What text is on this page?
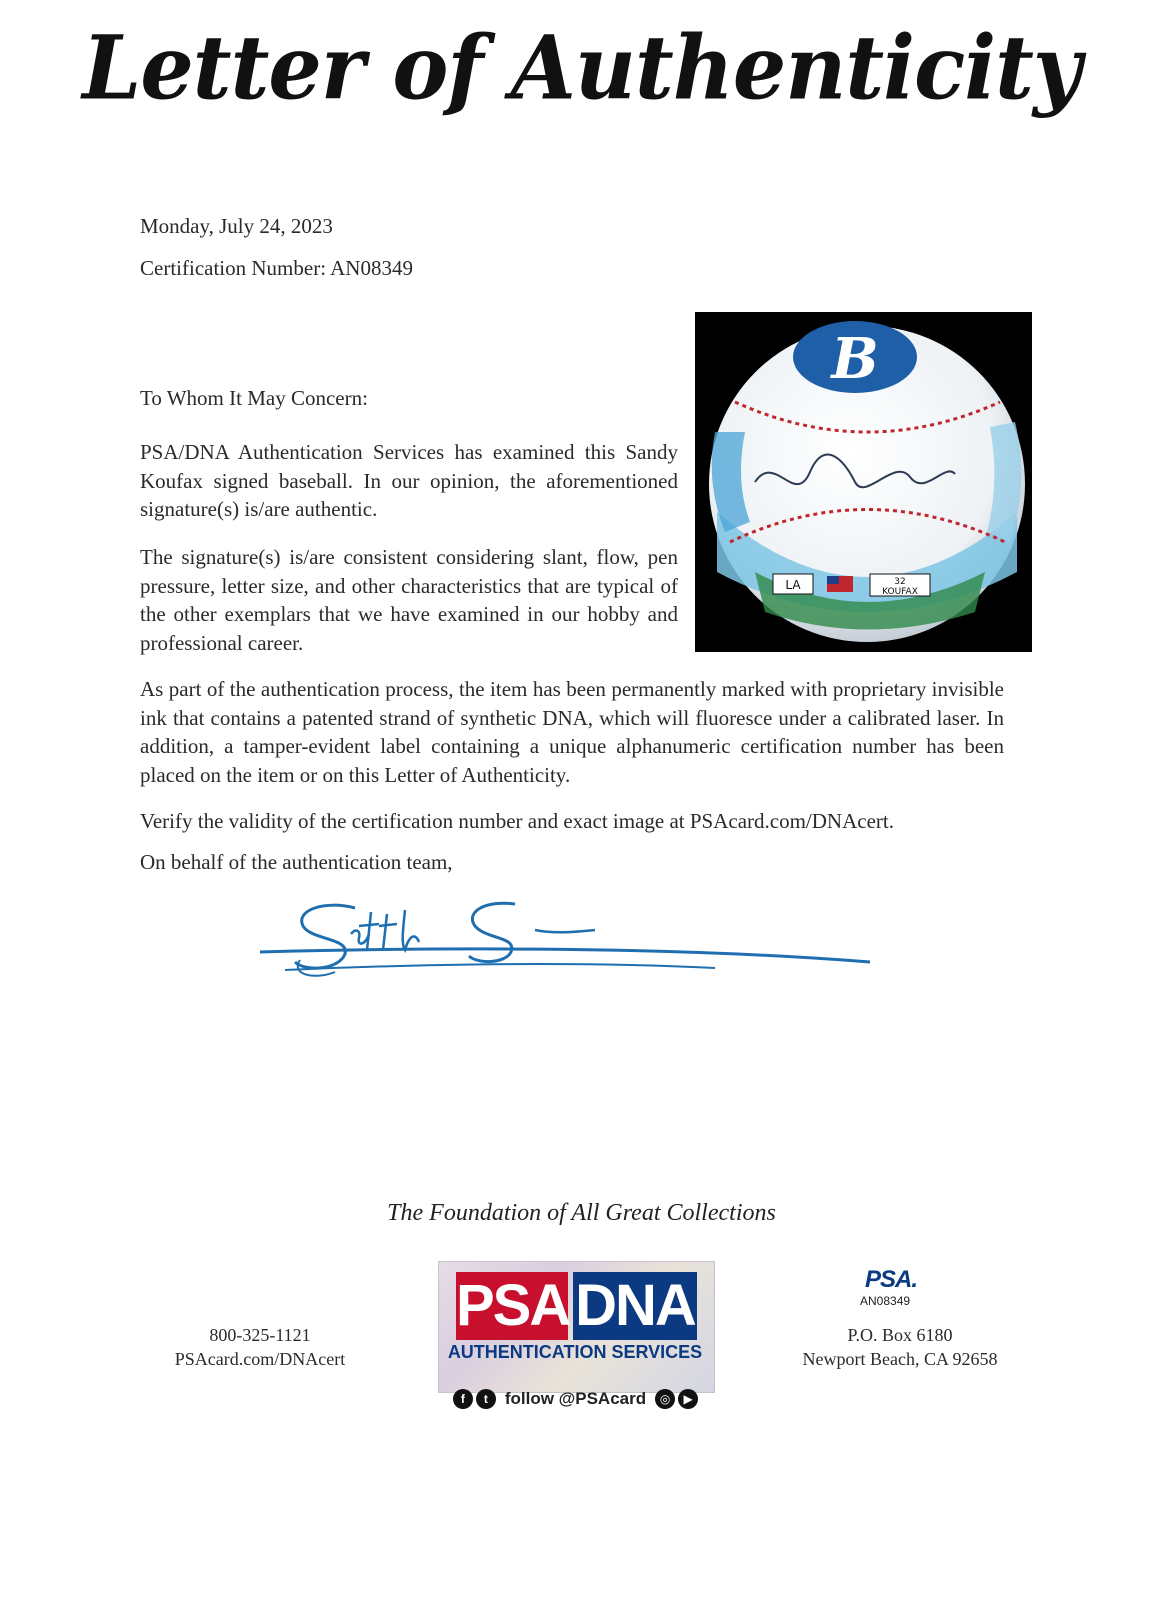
Letter of Authenticity
Monday, July 24, 2023
Certification Number: AN08349
B
LA	32
KOUFAX
To Whom It May Concern:
PSA/DNA Authentication Services has examined this Sandy Koufax signed baseball. In our opinion, the aforementioned signature(s) is/are authentic.
The signature(s) is/are consistent considering slant, flow, pen pressure, letter size, and other characteristics that are typical of the other exemplars that we have examined in our hobby and professional career.
As part of the authentication process, the item has been permanently marked with proprietary invisible ink that contains a patented strand of synthetic DNA, which will fluoresce under a calibrated laser. In addition, a tamper-evident label containing a unique alphanumeric certification number has been placed on the item or on this Letter of Authenticity.
Verify the validity of the certification number and exact image at PSAcard.com/DNAcert.
On behalf of the authentication team,
The Foundation of All Great Collections
PSA DNA
AUTHENTICATION SERVICES
f	t	follow @PSAcard	◎	▶
800-325-1121
PSAcard.com/DNAcert
PSA.
AN08349
P.O. Box 6180
Newport Beach, CA 92658
